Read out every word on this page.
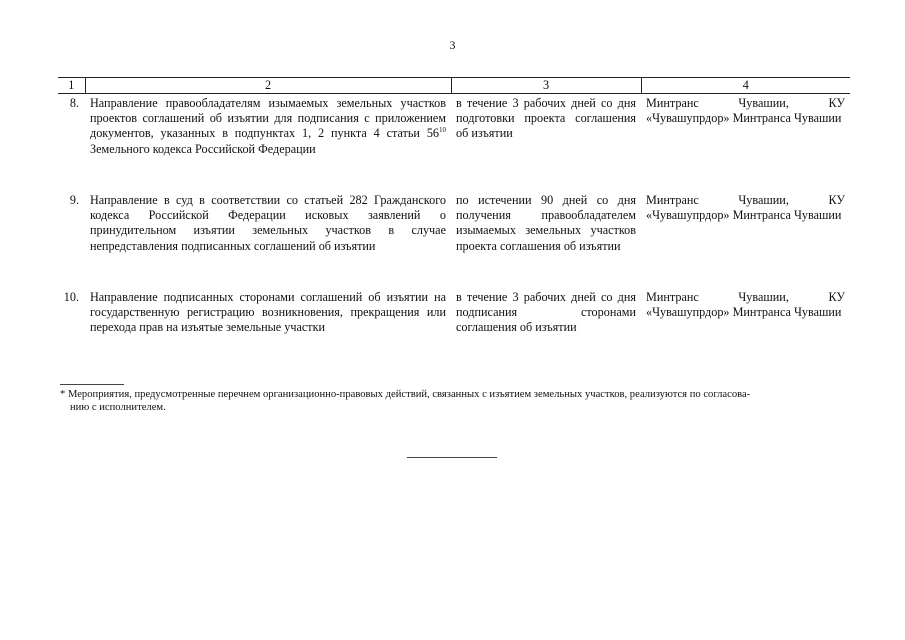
3
1	2	3	4
8.	Направление правообладателям изымаемых земельных участков проектов соглашений об изъятии для подписания с приложением документов, указанных в подпунктах 1, 2 пункта 4 статьи $56^{10}$ Земельного кодекса Российской Федерации	в течение 3 рабочих дней со дня подготовки проекта соглашения об изъятии	Минтранс Чувашии, КУ «Чувашупрдор» Минтранса Чувашии
9.	Направление в суд в соответствии со статьей 282 Гражданского кодекса Российской Федерации исковых заявлений о принудительном изъятии земельных участков в случае непредставления подписанных соглашений об изъятии	по истечении 90 дней со дня получения правообладателем изымаемых земельных участков проекта соглашения об изъятии	Минтранс Чувашии, КУ «Чувашупрдор» Минтранса Чувашии
10.	Направление подписанных сторонами соглашений об изъятии на государственную регистрацию возникновения, прекращения или перехода прав на изъятые земельные участки	в течение 3 рабочих дней со дня подписания сторонами соглашения об изъятии	Минтранс Чувашии, КУ «Чувашупрдор» Минтранса Чувашии
* Мероприятия, предусмотренные перечнем организационно-правовых действий, связанных с изъятием земельных участков, реализуются по согласова-
нию с исполнителем.
